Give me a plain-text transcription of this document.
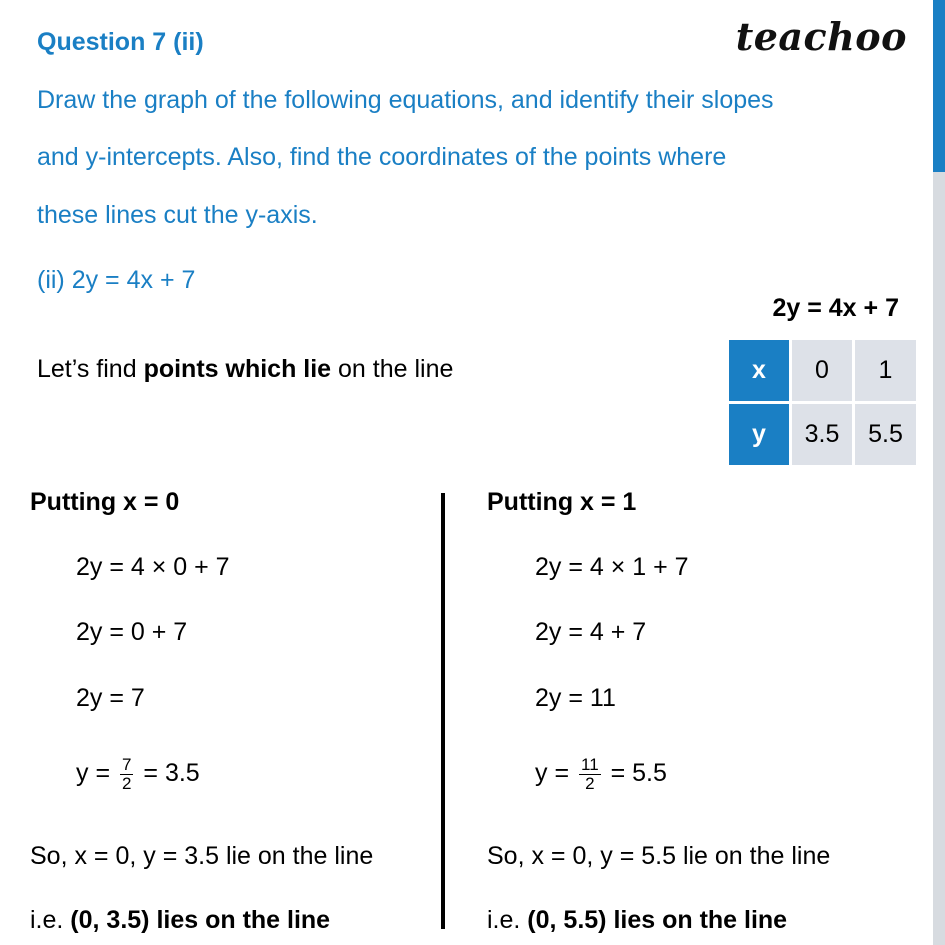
Question 7 (ii)	teachoo
Draw the graph of the following equations, and identify their slopes
and y-intercepts. Also, find the coordinates of the points where
these lines cut the y-axis.
(ii) 2y = 4x + 7
Let’s find points which lie on the line
2y = 4x + 7
x	0	1
y	3.5	5.5
Putting x = 0
2y = 4 × 0 + 7
2y = 0 + 7
2y = 7
$y = \frac{7}{2} = 3.5$
So, x = 0, y = 3.5 lie on the line
i.e. (0, 3.5) lies on the line
Putting x = 1
2y = 4 × 1 + 7
2y = 4 + 7
2y = 11
$y = \frac{11}{2} = 5.5$
So, x = 0, y = 5.5 lie on the line
i.e. (0, 5.5) lies on the line
